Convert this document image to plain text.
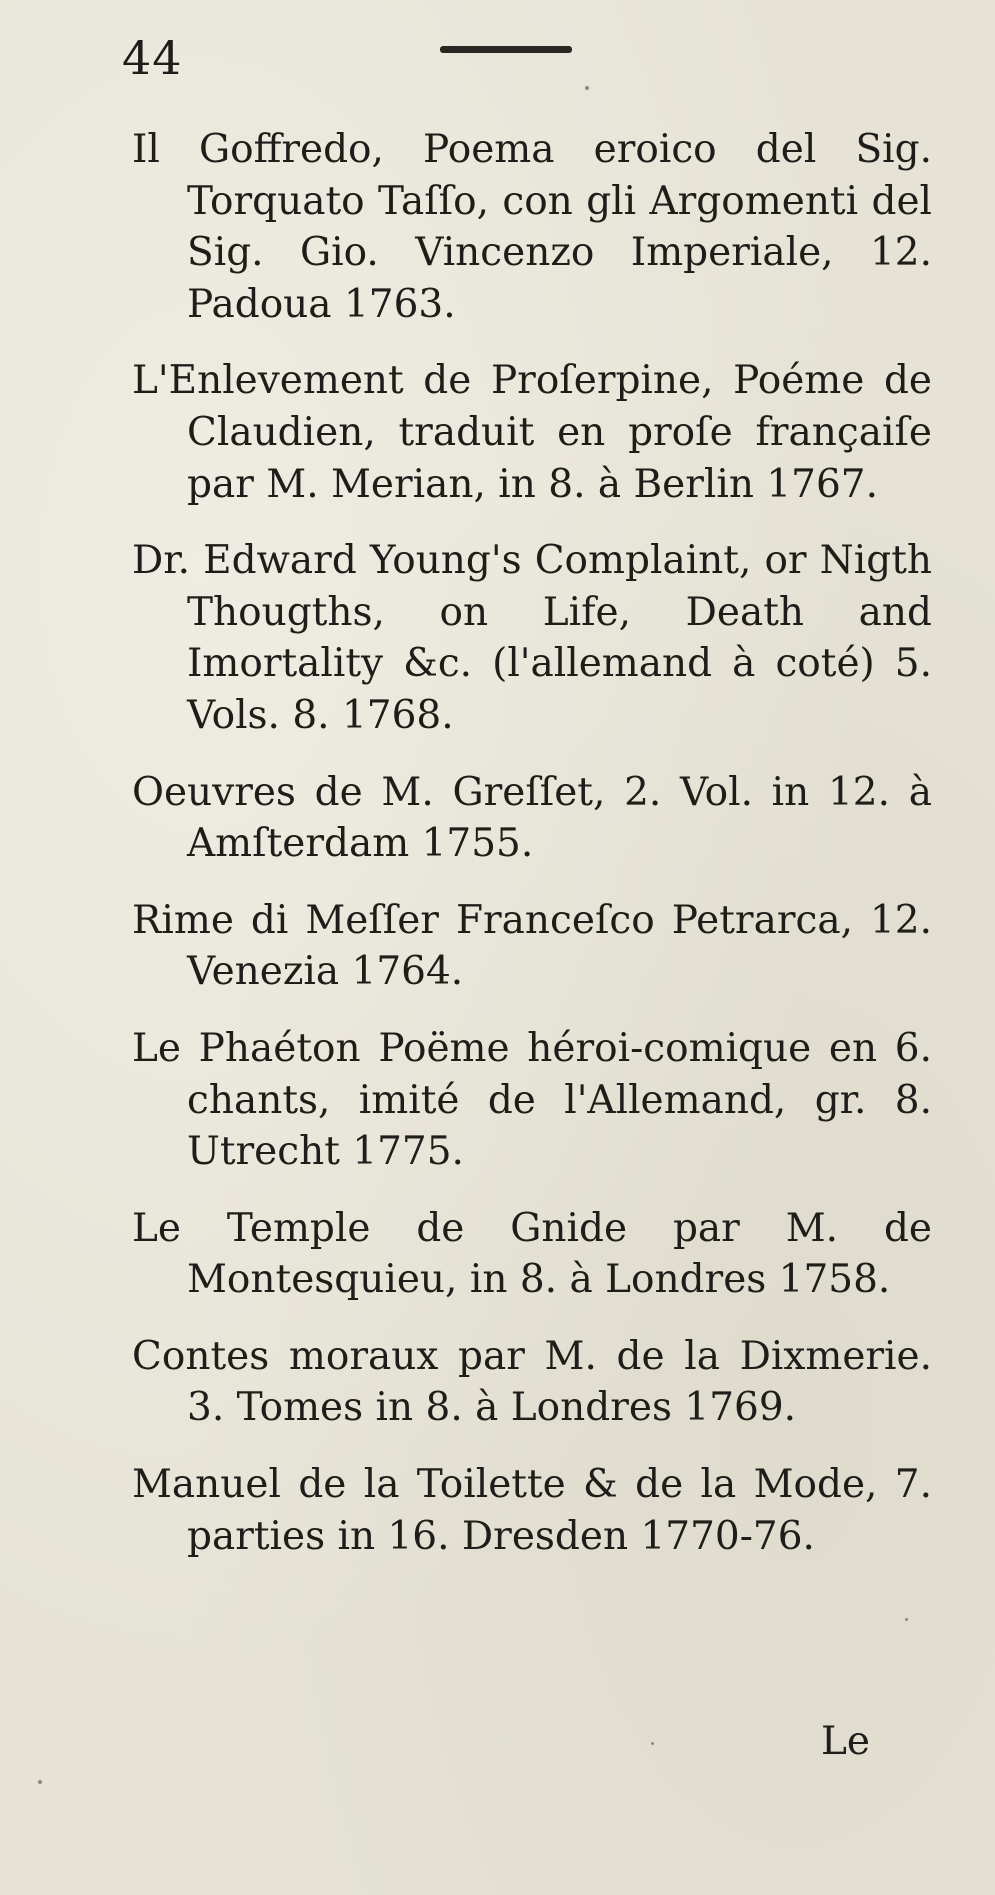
44

Il Goffredo, Poema eroico del Sig. Torquato Taſſo, con gli Argomenti del Sig. Gio. Vincenzo Imperiale, 12. Padoua 1763.

L'Enlevement de Proſerpine, Poéme de Claudien, traduit en proſe françaiſe par M. Merian, in 8. à Berlin 1767.

Dr. Edward Young's Complaint, or Nigth Thougths, on Life, Death and Imortality &c. (l'allemand à coté) 5. Vols. 8. 1768.

Oeuvres de M. Greſſet, 2. Vol. in 12. à Amſterdam 1755.

Rime di Meſſer Franceſco Petrarca, 12. Venezia 1764.

Le Phaéton Poëme héroi-comique en 6. chants, imité de l'Allemand, gr. 8. Utrecht 1775.

Le Temple de Gnide par M. de Montesquieu, in 8. à Londres 1758.

Contes moraux par M. de la Dixmerie. 3. Tomes in 8. à Londres 1769.

Manuel de la Toilette & de la Mode, 7. parties in 16. Dresden 1770-76.

Le
